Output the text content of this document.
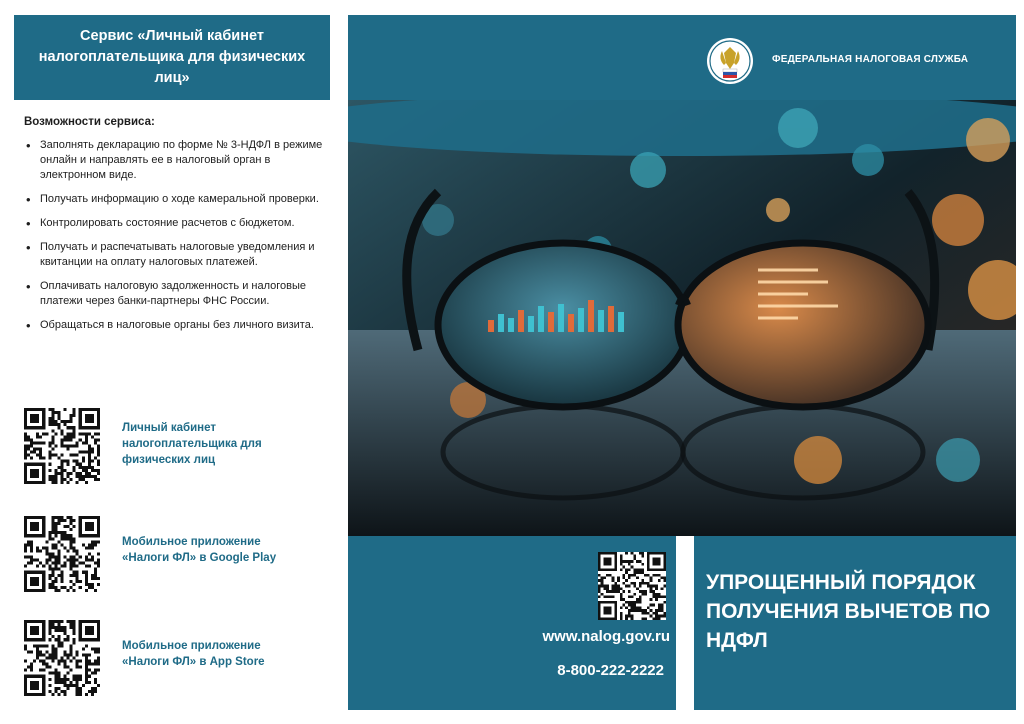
Сервис «Личный кабинет налогоплательщика для физических лиц»
Возможности сервиса:
• Заполнять декларацию по форме № 3-НДФЛ в режиме онлайн и направлять ее в налоговый орган в электронном виде.
• Получать информацию о ходе камеральной проверки.
• Контролировать состояние расчетов с бюджетом.
• Получать и распечатывать налоговые уведомления и квитанции на оплату налоговых платежей.
• Оплачивать налоговую задолженность и налоговые платежи через банки-партнеры ФНС России.
• Обращаться в налоговые органы без личного визита.
Личный кабинет налогоплательщика для физических лиц
Мобильное приложение «Налоги ФЛ» в Google Play
Мобильное приложение «Налоги ФЛ» в App Store
ФЕДЕРАЛЬНАЯ НАЛОГОВАЯ СЛУЖБА
www.nalog.gov.ru
8-800-222-2222
УПРОЩЕННЫЙ ПОРЯДОК ПОЛУЧЕНИЯ ВЫЧЕТОВ ПО НДФЛ
